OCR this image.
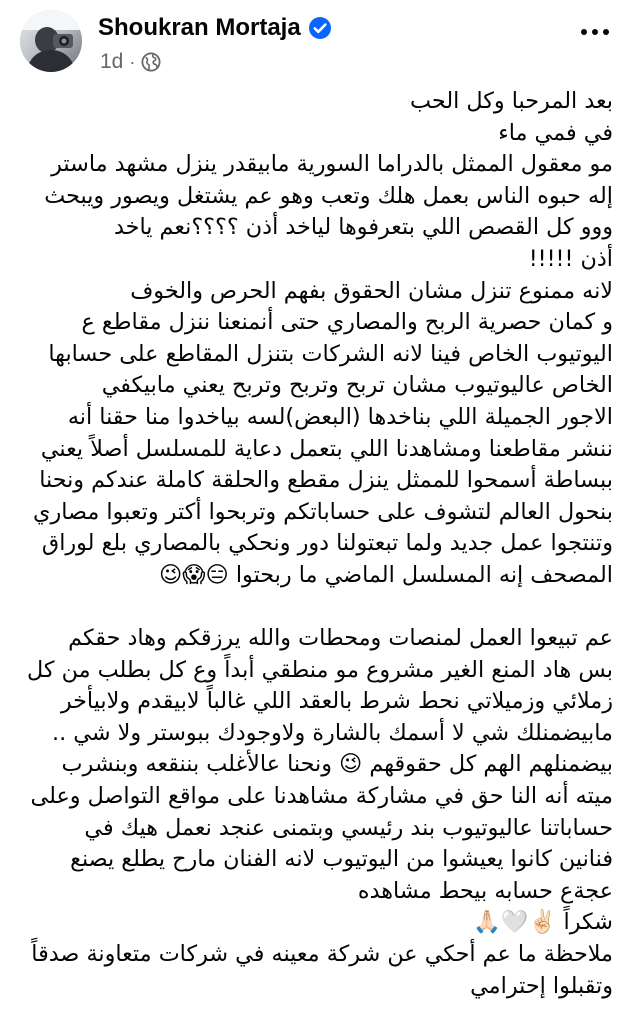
Shoukran Mortaja
1d ·

بعد المرحبا وكل الحب

في فمي ماء

مو معقول الممثل بالدراما السورية مابيقدر ينزل مشهد ماستر

إله حبوه الناس بعمل هلك وتعب وهو عم يشتغل ويصور ويبحث

ووو كل القصص اللي بتعرفوها لياخد أذن ؟؟؟؟نعم ياخد

أذن !!!!!

لانه ممنوع تنزل مشان الحقوق بفهم الحرص والخوف

و كمان حصرية الربح والمصاري حتى أنمنعنا ننزل مقاطع ع

اليوتيوب الخاص فينا لانه الشركات بتنزل المقاطع على حسابها

الخاص عاليوتيوب مشان تربح وتربح وتربح يعني مابيكفي

الاجور الجميلة اللي بناخدها (البعض)لسه بياخدوا منا حقنا أنه

ننشر مقاطعنا ومشاهدنا اللي بتعمل دعاية للمسلسل أصلاً يعني

ببساطة أسمحوا للممثل ينزل مقطع والحلقة كاملة عندكم ونحنا

بنحول العالم لتشوف على حساباتكم وتربحوا أكتر وتعبوا مصاري

وتنتجوا عمل جديد ولما تبعتولنا دور ونحكي بالمصاري بلع لوراق

المصحف إنه المسلسل الماضي ما ربحتوا 😑😱😉

عم تبيعوا العمل لمنصات ومحطات والله يرزقكم وهاد حقكم

بس هاد المنع الغير مشروع مو منطقي أبداً وع كل بطلب من كل

زملائي وزميلاتي نحط شرط بالعقد اللي غالباً لابيقدم ولابيأخر

مابيضمنلك شي لا أسمك بالشارة ولاوجودك ببوستر ولا شي ..

بيضمنلهم الهم كل حقوقهم 😉 ونحنا عالأغلب بننقعه وبنشرب

ميته أنه النا حق في مشاركة مشاهدنا على مواقع التواصل وعلى

حساباتنا عاليوتيوب بند رئيسي وبتمنى عنجد نعمل هيك في

فنانين كانوا يعيشوا من اليوتيوب لانه الفنان مارح يطلع يصنع

عجةع حسابه بيحط مشاهده

شكراً ✌🏻🤍🙏🏻

ملاحظة ما عم أحكي عن شركة معينه في شركات متعاونة صدقاً

وتقبلوا إحترامي
